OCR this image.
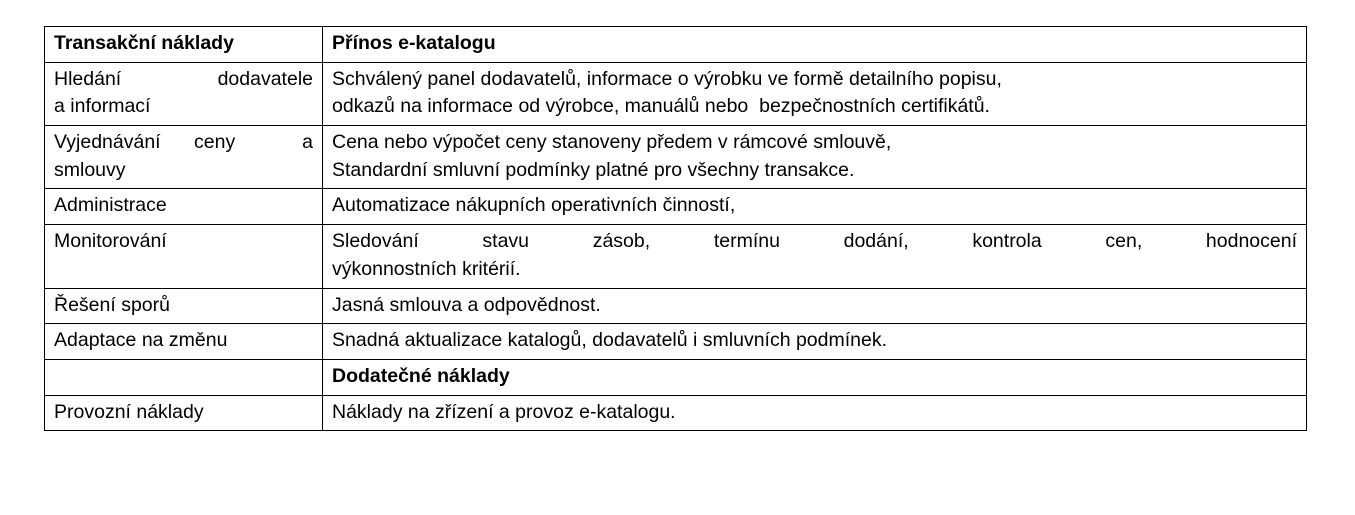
Transakční náklady	Přínos e-katalogu

Hledání  dodavatele
a informací	Schválený panel dodavatelů, informace o výrobku ve formě detailního popisu,
odkazů na informace od výrobce, manuálů nebo  bezpečnostních certifikátů.

Vyjednávání ceny  a
smlouvy	Cena nebo výpočet ceny stanoveny předem v rámcové smlouvě,
Standardní smluvní podmínky platné pro všechny transakce.

Administrace	Automatizace nákupních operativních činností,

Monitorování	Sledování   stavu   zásob,   termínu   dodání,   kontrola   cen,   hodnocení
výkonnostních kritérií.

Řešení sporů	Jasná smlouva a odpovědnost.

Adaptace na změnu	Snadná aktualizace katalogů, dodavatelů i smluvních podmínek.

	Dodatečné náklady

Provozní náklady	Náklady na zřízení a provoz e-katalogu.
